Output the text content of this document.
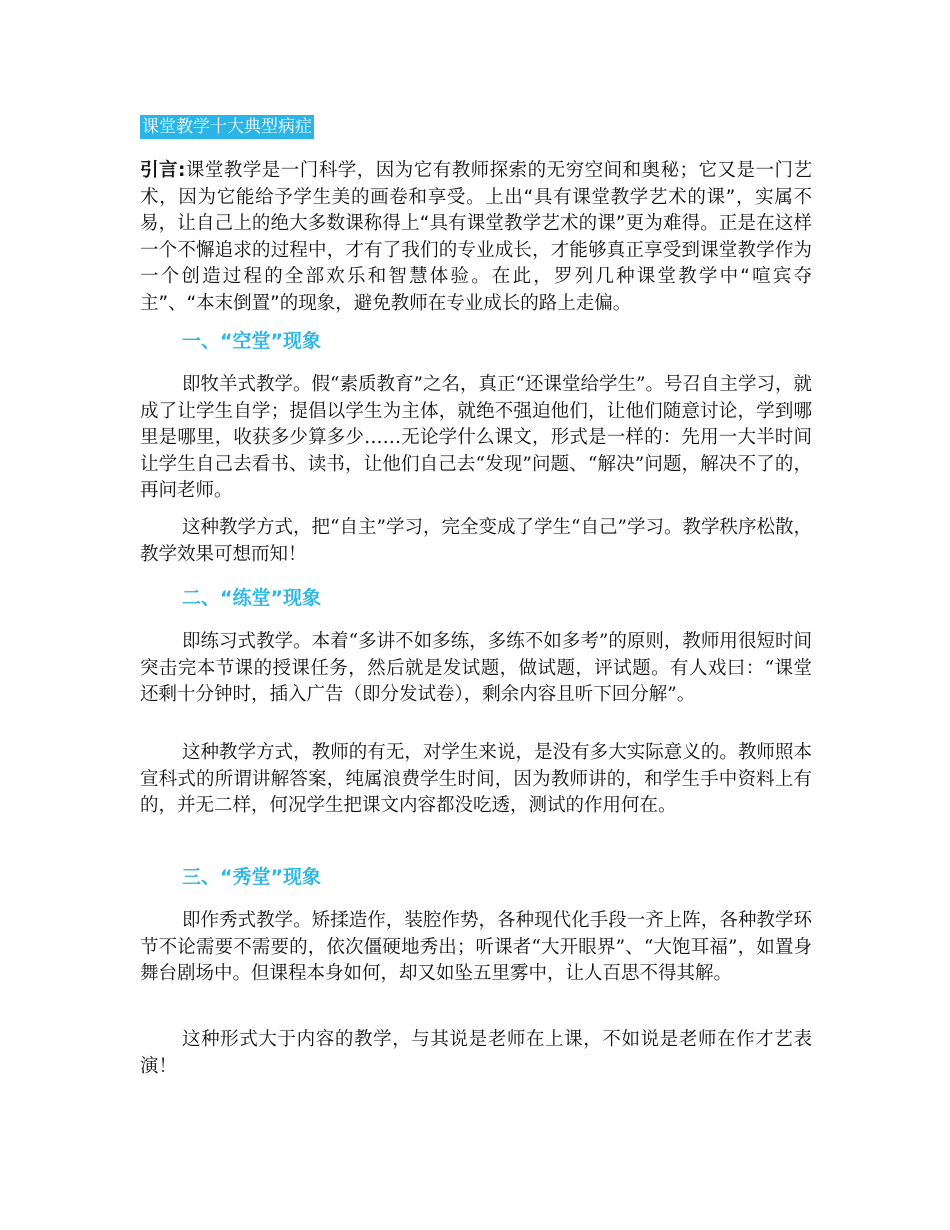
课堂教学十大典型病症

引言:课堂教学是一门科学，因为它有教师探索的无穷空间和奥秘；它又是一门艺术，因为它能给予学生美的画卷和享受。上出“具有课堂教学艺术的课”，实属不易，让自己上的绝大多数课称得上“具有课堂教学艺术的课”更为难得。正是在这样一个不懈追求的过程中，才有了我们的专业成长，才能够真正享受到课堂教学作为一个创造过程的全部欢乐和智慧体验。在此，罗列几种课堂教学中“喧宾夺主”、“本末倒置”的现象，避免教师在专业成长的路上走偏。

一、“空堂”现象

即牧羊式教学。假“素质教育”之名，真正“还课堂给学生”。号召自主学习，就成了让学生自学；提倡以学生为主体，就绝不强迫他们，让他们随意讨论，学到哪里是哪里，收获多少算多少……无论学什么课文，形式是一样的：先用一大半时间让学生自己去看书、读书，让他们自己去“发现”问题、“解决”问题，解决不了的，再问老师。

这种教学方式，把“自主”学习，完全变成了学生“自己”学习。教学秩序松散，教学效果可想而知！

二、“练堂”现象

即练习式教学。本着“多讲不如多练，多练不如多考”的原则，教师用很短时间突击完本节课的授课任务，然后就是发试题，做试题，评试题。有人戏曰：“课堂还剩十分钟时，插入广告（即分发试卷），剩余内容且听下回分解”。

这种教学方式，教师的有无，对学生来说，是没有多大实际意义的。教师照本宣科式的所谓讲解答案，纯属浪费学生时间，因为教师讲的，和学生手中资料上有的，并无二样，何况学生把课文内容都没吃透，测试的作用何在。

三、“秀堂”现象

即作秀式教学。矫揉造作，装腔作势，各种现代化手段一齐上阵，各种教学环节不论需要不需要的，依次僵硬地秀出；听课者“大开眼界”、“大饱耳福”，如置身舞台剧场中。但课程本身如何，却又如坠五里雾中，让人百思不得其解。

这种形式大于内容的教学，与其说是老师在上课，不如说是老师在作才艺表演！
